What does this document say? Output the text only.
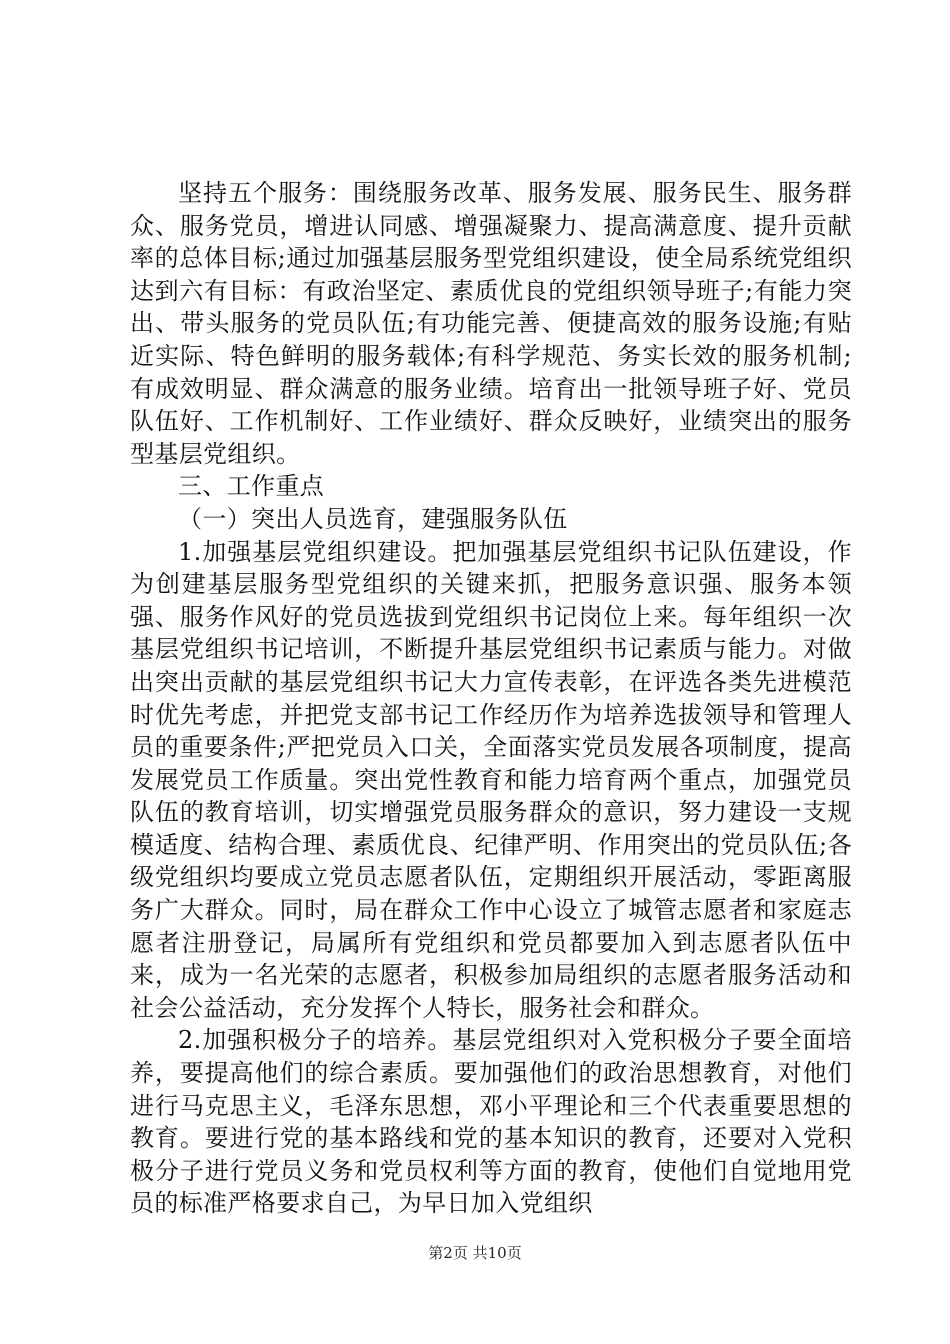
坚持五个服务：围绕服务改革、服务发展、服务民生、服务群众、服务党员，增进认同感、增强凝聚力、提高满意度、提升贡献率的总体目标;通过加强基层服务型党组织建设，使全局系统党组织达到六有目标：有政治坚定、素质优良的党组织领导班子;有能力突出、带头服务的党员队伍;有功能完善、便捷高效的服务设施;有贴近实际、特色鲜明的服务载体;有科学规范、务实长效的服务机制;有成效明显、群众满意的服务业绩。培育出一批领导班子好、党员队伍好、工作机制好、工作业绩好、群众反映好，业绩突出的服务型基层党组织。

三、工作重点

（一）突出人员选育，建强服务队伍

1.加强基层党组织建设。把加强基层党组织书记队伍建设，作为创建基层服务型党组织的关键来抓，把服务意识强、服务本领强、服务作风好的党员选拔到党组织书记岗位上来。每年组织一次基层党组织书记培训，不断提升基层党组织书记素质与能力。对做出突出贡献的基层党组织书记大力宣传表彰，在评选各类先进模范时优先考虑，并把党支部书记工作经历作为培养选拔领导和管理人员的重要条件;严把党员入口关，全面落实党员发展各项制度，提高发展党员工作质量。突出党性教育和能力培育两个重点，加强党员队伍的教育培训，切实增强党员服务群众的意识，努力建设一支规模适度、结构合理、素质优良、纪律严明、作用突出的党员队伍;各级党组织均要成立党员志愿者队伍，定期组织开展活动，零距离服务广大群众。同时，局在群众工作中心设立了城管志愿者和家庭志愿者注册登记，局属所有党组织和党员都要加入到志愿者队伍中来，成为一名光荣的志愿者，积极参加局组织的志愿者服务活动和社会公益活动，充分发挥个人特长，服务社会和群众。

2.加强积极分子的培养。基层党组织对入党积极分子要全面培养，要提高他们的综合素质。要加强他们的政治思想教育，对他们进行马克思主义，毛泽东思想，邓小平理论和三个代表重要思想的教育。要进行党的基本路线和党的基本知识的教育，还要对入党积极分子进行党员义务和党员权利等方面的教育，使他们自觉地用党员的标准严格要求自己，为早日加入党组织

第2页 共10页
